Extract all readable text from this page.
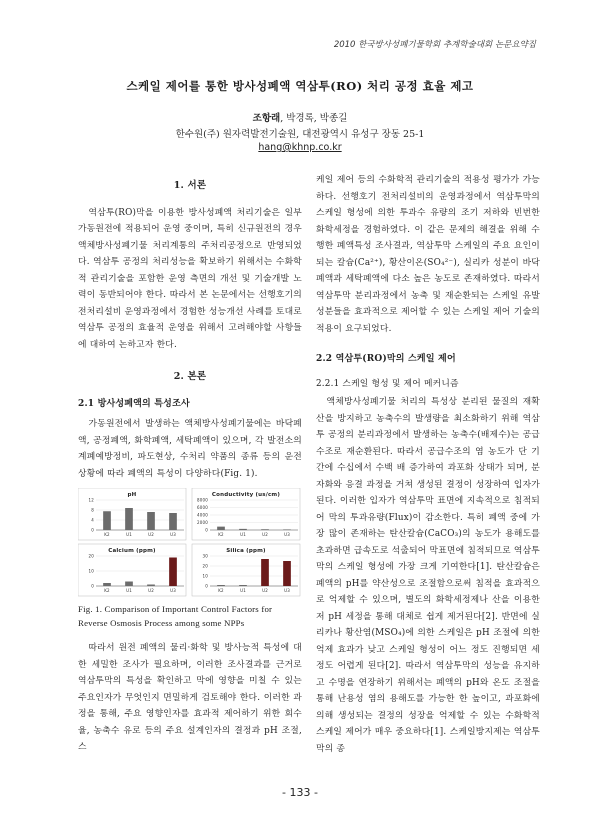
2010 한국방사성폐기물학회 추계학술대회 논문요약집
스케일 제어를 통한 방사성폐액 역삼투(RO) 처리 공정 효율 제고
조항래, 박경록, 박종길
한수원(주) 원자력발전기술원, 대전광역시 유성구 장동 25-1
hang@khnp.co.kr
1. 서론

역삼투(RO)막을 이용한 방사성폐액 처리기술은 일부 가동원전에 적용되어 운영 중이며, 특히 신규원전의 경우 액체방사성폐기물 처리계통의 주처리공정으로 반영되었다. 역삼투 공정의 처리성능을 확보하기 위해서는 수화학적 관리기술을 포함한 운영 측면의 개선 및 기술개발 노력이 동반되어야 한다. 따라서 본 논문에서는 선행호기의 전처리설비 운영과정에서 경험한 성능개선 사례를 토대로 역삼투 공정의 효율적 운영을 위해서 고려해야할 사항들에 대하여 논하고자 한다.

2. 본론
2.1 방사성폐액의 특성조사

가동원전에서 발생하는 액체방사성폐기물에는 바닥폐액, 공정폐액, 화학폐액, 세탁폐액이 있으며, 각 발전소의 계폐예방정비, 파도현상, 수처리 약품의 종류 등의 운전상황에 따라 폐액의 특성이 다양하다(Fig. 1).

pH
0
4
8
12
K2	U1	U2	U3
Conductivity (us/cm)
0
2000
4000
6000
8000
K2	U1	U2	U3
Calcium (ppm)
0
10
20
K2	U1	U2	U3
Silica (ppm)
0
10
20
30
K2	U1	U2	U3
Fig. 1. Comparison of Important Control Factors for Reverse Osmosis Process among some NPPs

따라서 원전 폐액의 물리·화학 및 방사능적 특성에 대한 세밀한 조사가 필요하며, 이러한 조사결과를 근거로 역삼투막의 특성을 확인하고 막에 영향을 미칠 수 있는 주요인자가 무엇인지 면밀하게 검토해야 한다. 이러한 과정을 통해, 주요 영향인자를 효과적 제어하기 위한 회수율, 농축수 유로 등의 주요 설계인자의 결정과 pH 조절, 스

케일 제어 등의 수화학적 관리기술의 적용성 평가가 가능하다. 선행호기 전처리설비의 운영과정에서 역삼투막의 스케일 형성에 의한 투과수 유량의 조기 저하와 빈번한 화학세정을 경험하였다. 이 같은 문제의 해결을 위해 수행한 폐액특성 조사결과, 역삼투막 스케일의 주요 요인이 되는 칼슘(Ca²⁺), 황산이온(SO₄²⁻), 실리카 성분이 바닥폐액과 세탁폐액에 다소 높은 농도로 존재하였다. 따라서 역삼투막 분리과정에서 농축 및 재순환되는 스케일 유발 성분들을 효과적으로 제어할 수 있는 스케일 제어 기술의 적용이 요구되었다.

2.2 역삼투(RO)막의 스케일 제어
2.2.1 스케일 형성 및 제어 메커니즘

액체방사성폐기물 처리의 특성상 분리된 물질의 재확산을 방지하고 농축수의 발생량을 최소화하기 위해 역삼투 공정의 분리과정에서 발생하는 농축수(배제수)는 공급수조로 재순환된다. 따라서 공급수조의 염 농도가 단 기간에 수십에서 수백 배 증가하여 과포화 상태가 되며, 분자화와 응결 과정을 거쳐 생성된 결정이 성장하여 입자가 된다. 이러한 입자가 역삼투막 표면에 지속적으로 침적되어 막의 투과유량(Flux)이 감소한다. 특히 폐액 중에 가장 많이 존재하는 탄산칼슘(CaCO₃)의 농도가 용해도를 초과하면 급속도로 석출되어 막표면에 침적되므로 역삼투막의 스케일 형성에 가장 크게 기여한다[1]. 탄산칼슘은 폐액의 pH를 약산성으로 조절함으로써 침적을 효과적으로 억제할 수 있으며, 별도의 화학세정제나 산을 이용한 저 pH 세정을 통해 대체로 쉽게 제거된다[2]. 반면에 실리카나 황산염(MSO₄)에 의한 스케일은 pH 조절에 의한 억제 효과가 낮고 스케일 형성이 어느 정도 진행되면 세정도 어렵게 된다[2]. 따라서 역삼투막의 성능을 유지하고 수명을 연장하기 위해서는 폐액의 pH와 온도 조절을 통해 난용성 염의 용해도를 가능한 한 높이고, 과포화에 의해 생성되는 결정의 성장을 억제할 수 있는 수화학적 스케일 제어가 매우 중요하다[1]. 스케일방지제는 역삼투막의 종

- 133 -
